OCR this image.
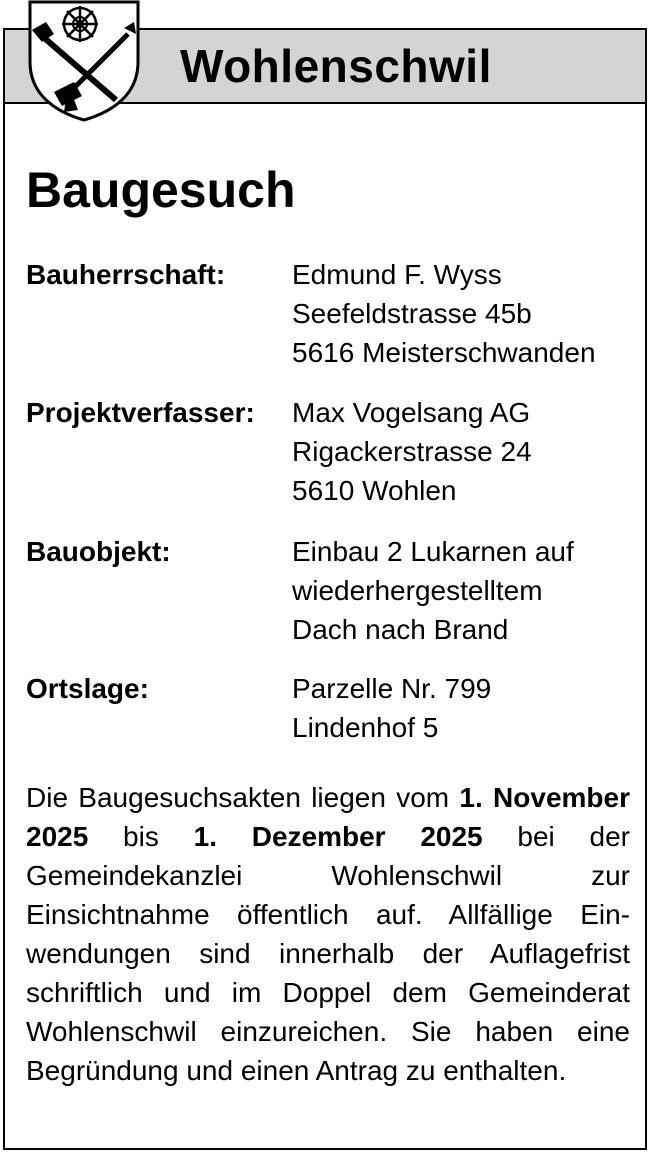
Wohlenschwil
Baugesuch
Bauherrschaft: Edmund F. Wyss
Seefeldstrasse 45b
5616 Meisterschwanden
Projektverfasser: Max Vogelsang AG
Rigackerstrasse 24
5610 Wohlen
Bauobjekt:	Einbau 2 Lukarnen auf
wiederhergestelltem
Dach nach Brand
Ortslage:	Parzelle Nr. 799
Lindenhof 5
Die Baugesuchsakten liegen vom 1. November 2025 bis 1. Dezember 2025 bei der Gemeindekanzlei Wohlenschwil zur Einsichtnahme öffentlich auf. Allfällige Einwendungen sind innerhalb der Auflagefrist schriftlich und im Doppel dem Gemeinderat Wohlenschwil einzureichen. Sie haben eine Begründung und einen Antrag zu enthalten.
